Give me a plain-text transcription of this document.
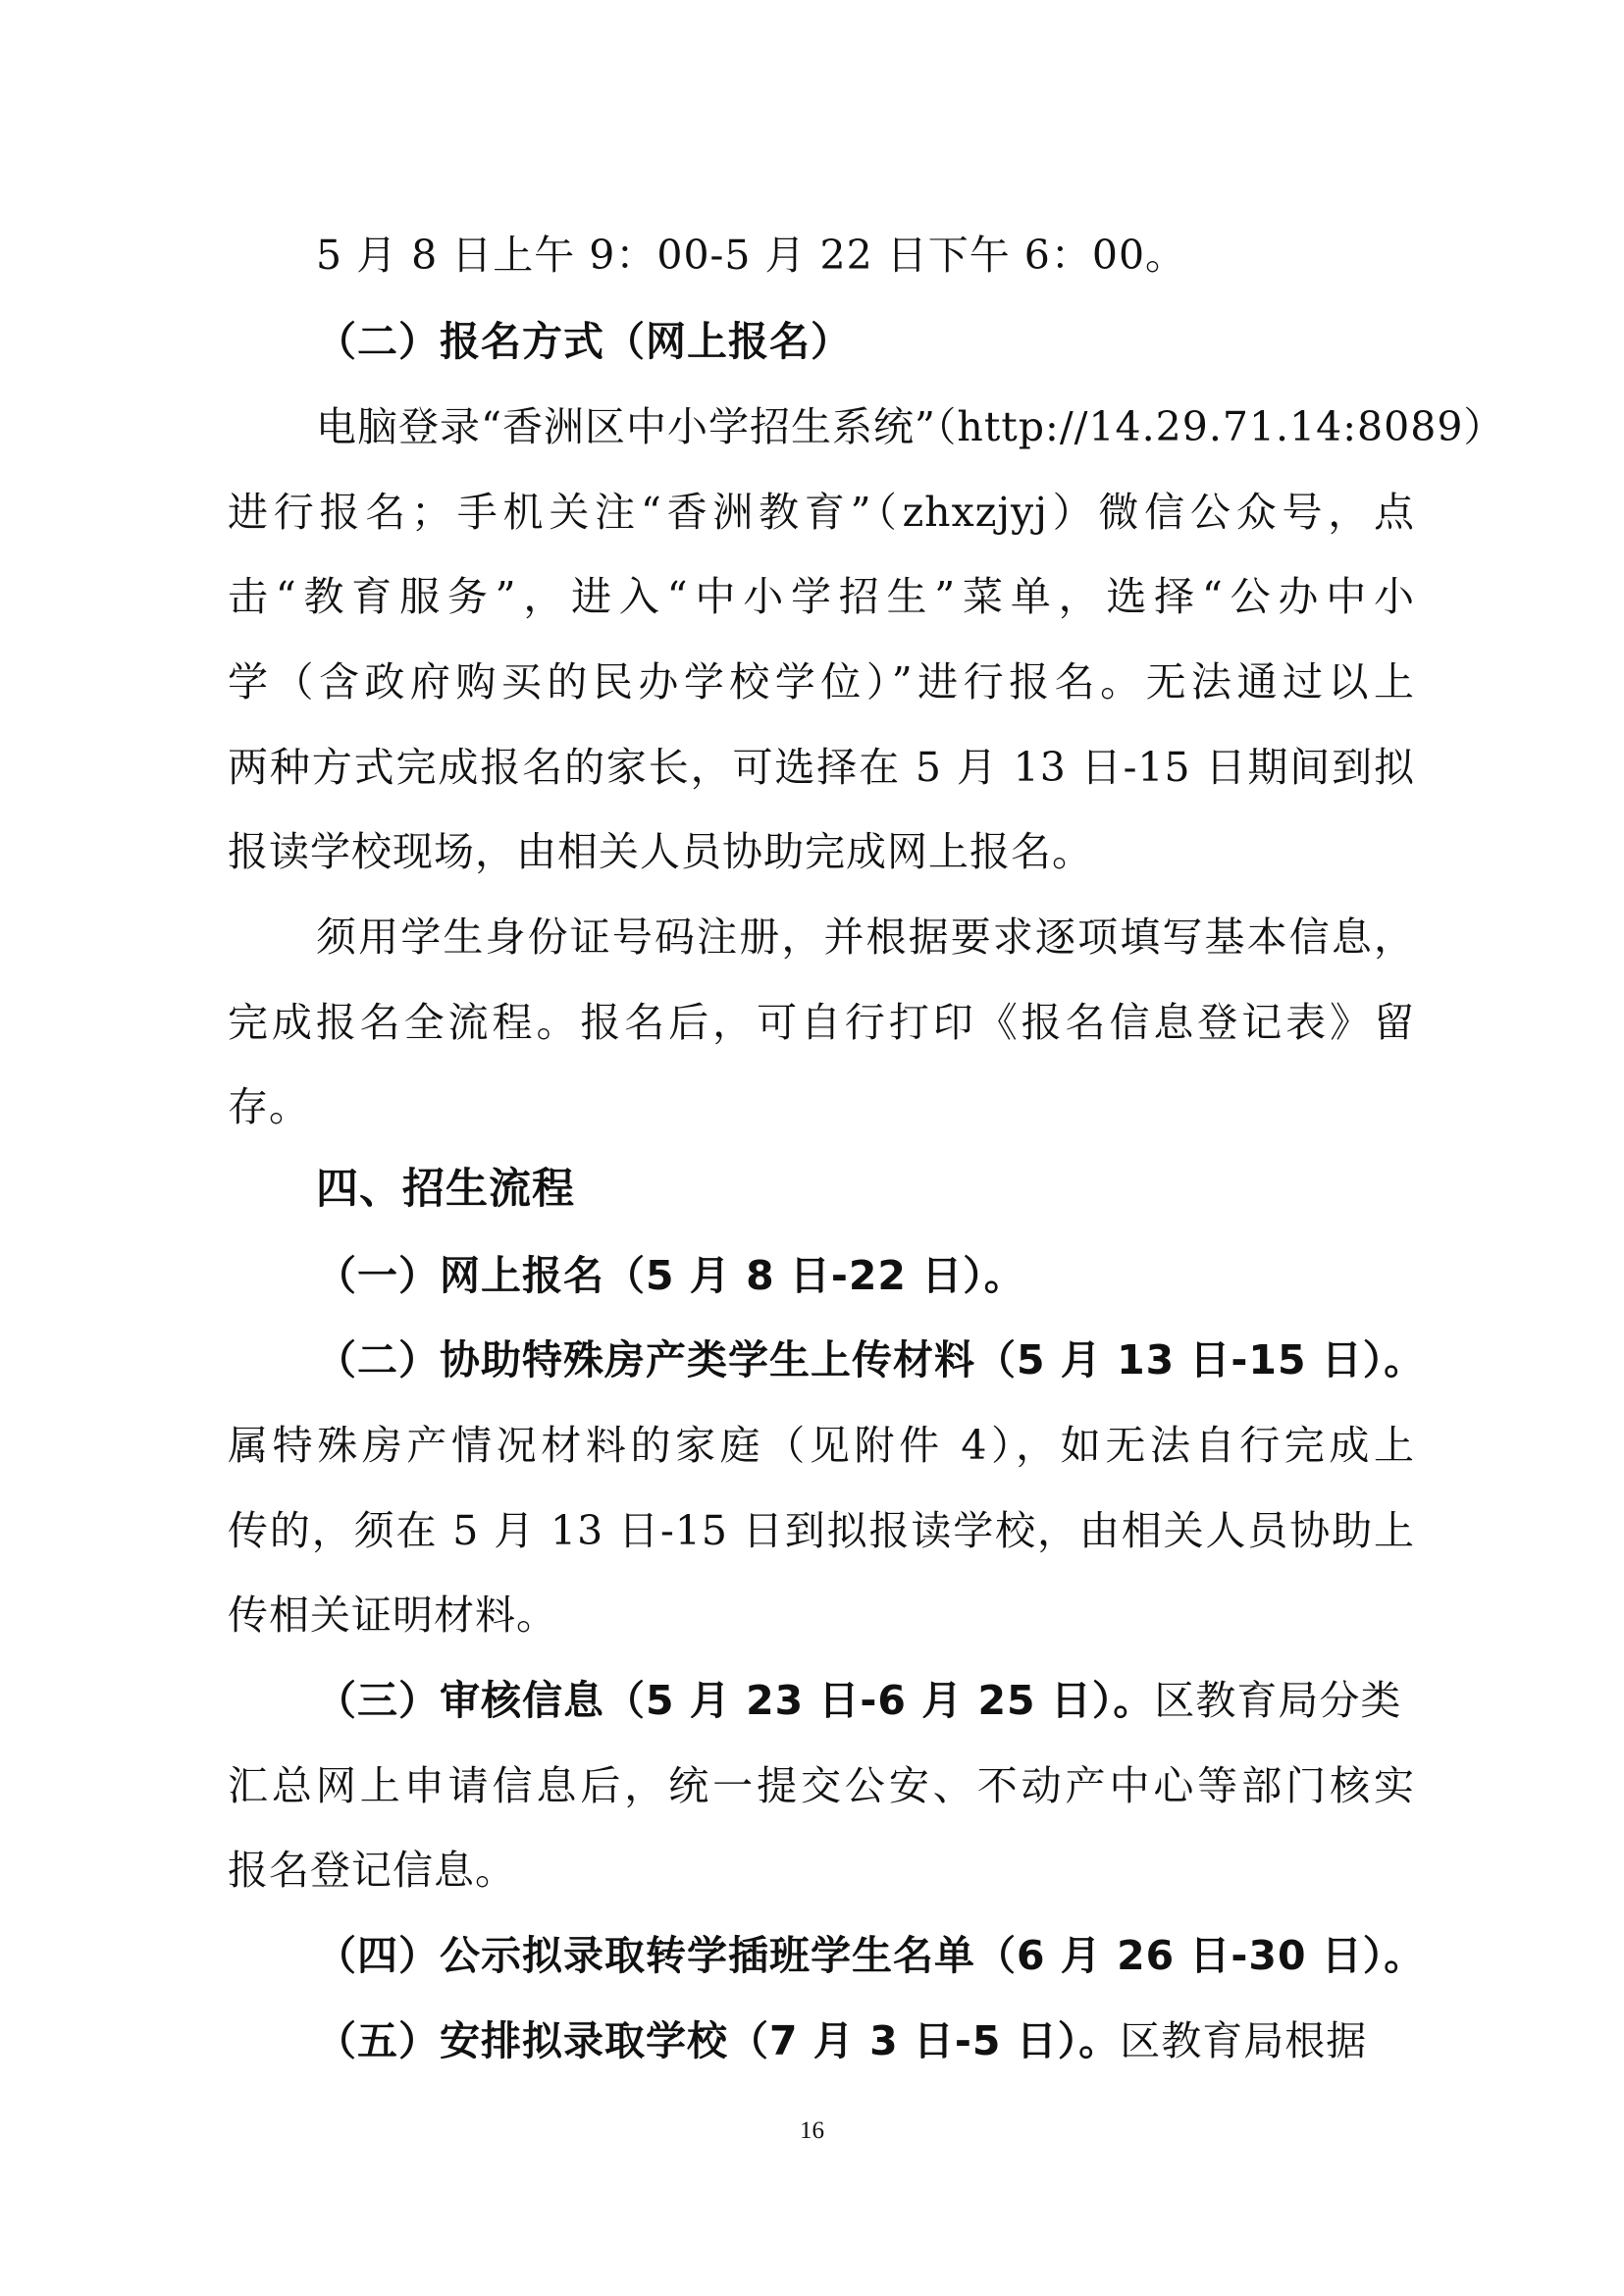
5 月 8 日上午 9：00-5 月 22 日下午 6：00。
（二）报名方式（网上报名）
电脑登录“香洲区中小学招生系统”（http://14.29.71.14:8089）
进行报名；手机关注“香洲教育”（zhxzjyj）微信公众号，点
击“教育服务”，进入“中小学招生”菜单，选择“公办中小
学（含政府购买的民办学校学位）”进行报名。无法通过以上
两种方式完成报名的家长，可选择在 5 月 13 日-15 日期间到拟
报读学校现场，由相关人员协助完成网上报名。
须用学生身份证号码注册，并根据要求逐项填写基本信息，
完成报名全流程。报名后，可自行打印《报名信息登记表》留
存。
四、招生流程
（一）网上报名（5 月 8 日-22 日）。
（二）协助特殊房产类学生上传材料（5 月 13 日-15 日）。
属特殊房产情况材料的家庭（见附件 4），如无法自行完成上
传的，须在 5 月 13 日-15 日到拟报读学校，由相关人员协助上
传相关证明材料。
（三）审核信息（5 月 23 日-6 月 25 日）。区教育局分类
汇总网上申请信息后，统一提交公安、不动产中心等部门核实
报名登记信息。
（四）公示拟录取转学插班学生名单（6 月 26 日-30 日）。
（五）安排拟录取学校（7 月 3 日-5 日）。区教育局根据
16
